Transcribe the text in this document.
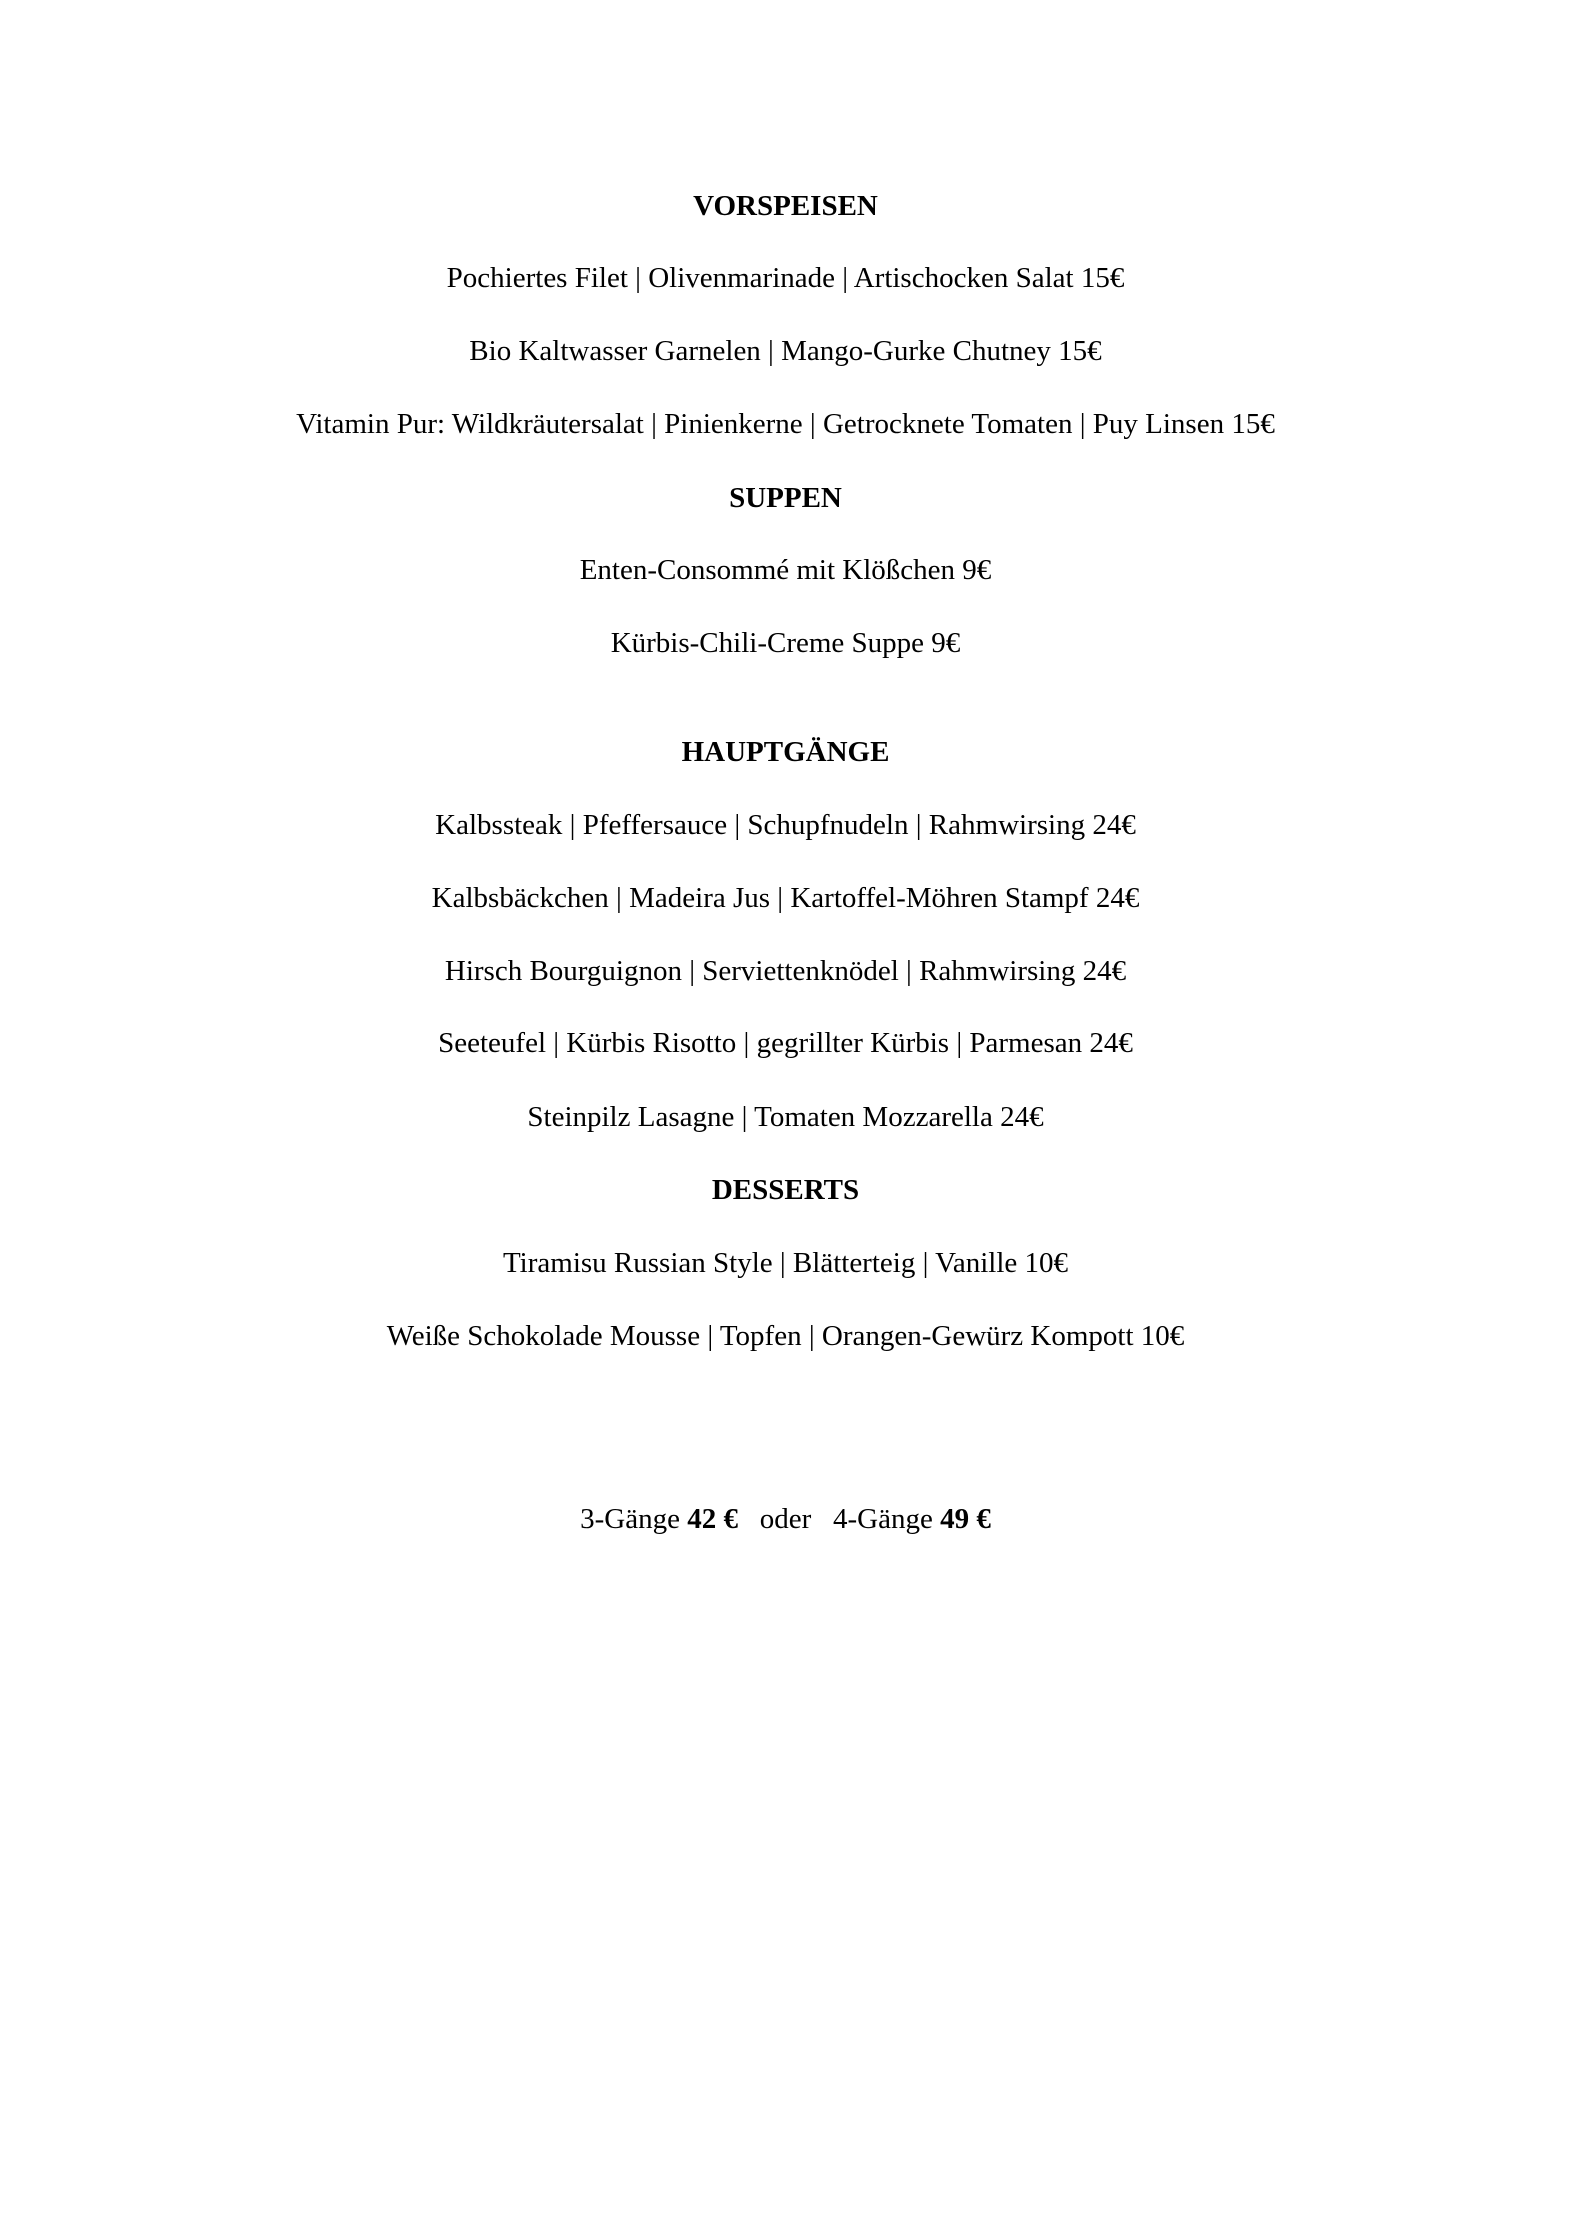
VORSPEISEN
Pochiertes Filet | Olivenmarinade | Artischocken Salat 15€
Bio Kaltwasser Garnelen | Mango-Gurke Chutney 15€
Vitamin Pur: Wildkräutersalat | Pinienkerne | Getrocknete Tomaten | Puy Linsen 15€
SUPPEN
Enten-Consommé mit Klößchen 9€
Kürbis-Chili-Creme Suppe 9€
HAUPTGÄNGE
Kalbssteak | Pfeffersauce | Schupfnudeln | Rahmwirsing 24€
Kalbsbäckchen | Madeira Jus | Kartoffel-Möhren Stampf 24€
Hirsch Bourguignon | Serviettenknödel | Rahmwirsing 24€
Seeteufel | Kürbis Risotto | gegrillter Kürbis | Parmesan 24€
Steinpilz Lasagne | Tomaten Mozzarella 24€
DESSERTS
Tiramisu Russian Style | Blätterteig | Vanille 10€
Weiße Schokolade Mousse | Topfen | Orangen-Gewürz Kompott 10€
3-Gänge 42 € oder 4-Gänge 49 €
